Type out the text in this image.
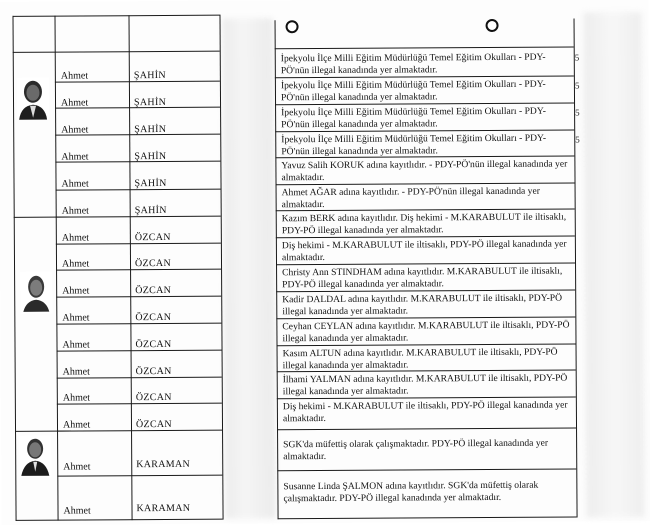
Ahmet	ŞAHİN
İpekyolu İlçe Milli Eğitim Müdürlüğü Temel Eğitim Okulları - PDY-PÖ'nün illegal kanadında yer almaktadır.
Ahmet	ŞAHİN
İpekyolu İlçe Milli Eğitim Müdürlüğü Temel Eğitim Okulları - PDY-PÖ'nün illegal kanadında yer almaktadır.
Ahmet	ŞAHİN
İpekyolu İlçe Milli Eğitim Müdürlüğü Temel Eğitim Okulları - PDY-PÖ'nün illegal kanadında yer almaktadır.
Ahmet	ŞAHİN
İpekyolu İlçe Milli Eğitim Müdürlüğü Temel Eğitim Okulları - PDY-PÖ'nün illegal kanadında yer almaktadır.
Ahmet	ŞAHİN
Yavuz Salih KORUK adına kayıtlıdır. - PDY-PÖ'nün illegal kanadında yer almaktadır.
Ahmet	ŞAHİN
Ahmet AĞAR adına kayıtlıdır. - PDY-PÖ'nün illegal kanadında yer almaktadır.
Ahmet	ÖZCAN
Kazım BERK adına kayıtlıdır. Diş hekimi - M.KARABULUT ile iltisaklı, PDY-PÖ illegal kanadında yer almaktadır.
Ahmet	ÖZCAN
Diş hekimi - M.KARABULUT ile iltisaklı, PDY-PÖ illegal kanadında yer almaktadır.
Ahmet	ÖZCAN
Christy Ann STINDHAM adına kayıtlıdır. M.KARABULUT ile iltisaklı, PDY-PÖ illegal kanadında yer almaktadır.
Ahmet	ÖZCAN
Kadir DALDAL adına kayıtlıdır. M.KARABULUT ile iltisaklı, PDY-PÖ illegal kanadında yer almaktadır.
Ahmet	ÖZCAN
Ceyhan CEYLAN adına kayıtlıdır. M.KARABULUT ile iltisaklı, PDY-PÖ illegal kanadında yer almaktadır.
Ahmet	ÖZCAN
Kasım ALTUN adına kayıtlıdır. M.KARABULUT ile iltisaklı, PDY-PÖ illegal kanadında yer almaktadır.
Ahmet	ÖZCAN
İlhami YALMAN adına kayıtlıdır. M.KARABULUT ile iltisaklı, PDY-PÖ illegal kanadında yer almaktadır.
Ahmet	ÖZCAN
Diş hekimi - M.KARABULUT ile iltisaklı, PDY-PÖ illegal kanadında yer almaktadır.
Ahmet	KARAMAN
SGK'da müfettiş olarak çalışmaktadır. PDY-PÖ illegal kanadında yer almaktadır.
Ahmet	KARAMAN
Susanne Linda ŞALMON adına kayıtlıdır. SGK'da müfettiş olarak çalışmaktadır. PDY-PÖ illegal kanadında yer almaktadır.
5
5
5
5
